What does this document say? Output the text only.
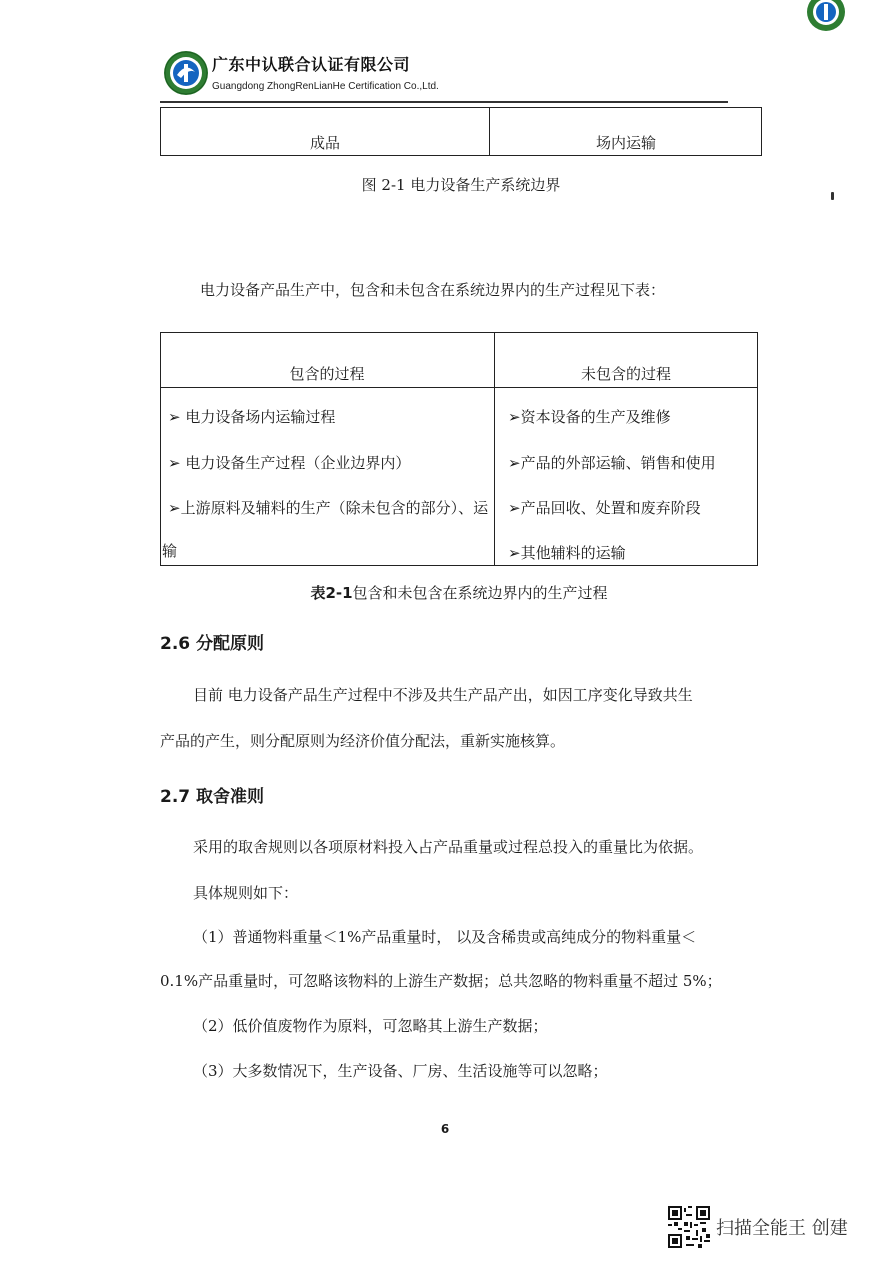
广东中认联合认证有限公司
Guangdong ZhongRenLianHe Certification Co.,Ltd.
成品	场内运输
图 2-1 电力设备生产系统边界
电力设备产品生产中，包含和未包含在系统边界内的生产过程见下表：
包含的过程	未包含的过程
➢ 电力设备场内运输过程
➢ 电力设备生产过程（企业边界内）
➢上游原料及辅料的生产（除未包含的部分）、运
输
➢资本设备的生产及维修
➢产品的外部运输、销售和使用
➢产品回收、处置和废弃阶段
➢其他辅料的运输
表2-1包含和未包含在系统边界内的生产过程
2.6 分配原则
目前 电力设备产品生产过程中不涉及共生产品产出，如因工序变化导致共生
产品的产生，则分配原则为经济价值分配法，重新实施核算。
2.7 取舍准则
采用的取舍规则以各项原材料投入占产品重量或过程总投入的重量比为依据。
具体规则如下：
（1）普通物料重量＜1%产品重量时， 以及含稀贵或高纯成分的物料重量＜
0.1%产品重量时，可忽略该物料的上游生产数据；总共忽略的物料重量不超过 5%；
（2）低价值废物作为原料，可忽略其上游生产数据；
（3）大多数情况下，生产设备、厂房、生活设施等可以忽略；
6
扫描全能王 创建
